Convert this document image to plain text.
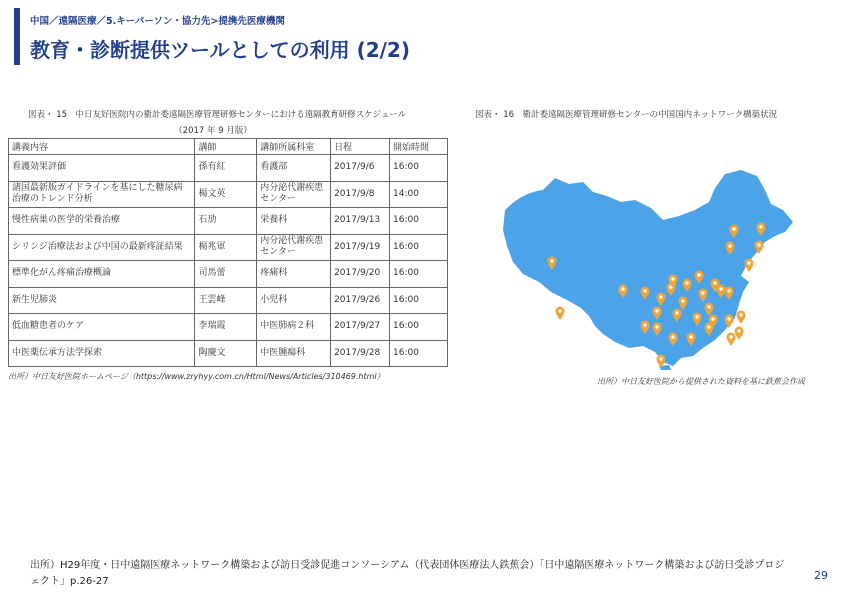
中国／遠隔医療／5.キーパーソン・協力先>提携先医療機関
教育・診断提供ツールとしての利用 (2/2)
図表・ 15　中日友好医院内の衛計委遠隔医療管理研修センターにおける遠隔教育研修スケジュール
（2017 年 9 月版）
講義内容	講師	講師所属科室	日程	開始時間
看護効果評価	孫有紅	看護部	2017/9/6	16:00
諸国最新版ガイドラインを基にした糖尿病治療のトレンド分析	楊文英	内分泌代謝疾患センター	2017/9/8	14:00
慢性病巣の医学的栄養治療	石劢	栄養科	2017/9/13	16:00
シリンジ治療法および中国の最新疼証結果	楊兆軍	内分泌代謝疾患センター	2017/9/19	16:00
標準化がん疼痛治療概論	司馬蕾	疼痛科	2017/9/20	16:00
新生児肺炎	王雲峰	小児科	2017/9/26	16:00
低血糖患者のケア	李瑞霞	中医肺病２科	2017/9/27	16:00
中医薬伝承方法学探索	陶慶文	中医腫瘍科	2017/9/28	16:00
出所）中日友好医院ホームページ（https://www.zryhyy.com.cn/Html/News/Articles/310469.html）
図表・ 16　衛計委遠隔医療管理研修センターの中国国内ネットワーク構築状況
出所）中日友好医院から提供された資料を基に鉄蕉会作成
出所）H29年度・日中遠隔医療ネットワーク構築および訪日受診促進コンソーシアム（代表団体医療法人鉄蕉会）「日中遠隔医療ネットワーク構築および訪日受診プロジェクト」p.26-27	29
